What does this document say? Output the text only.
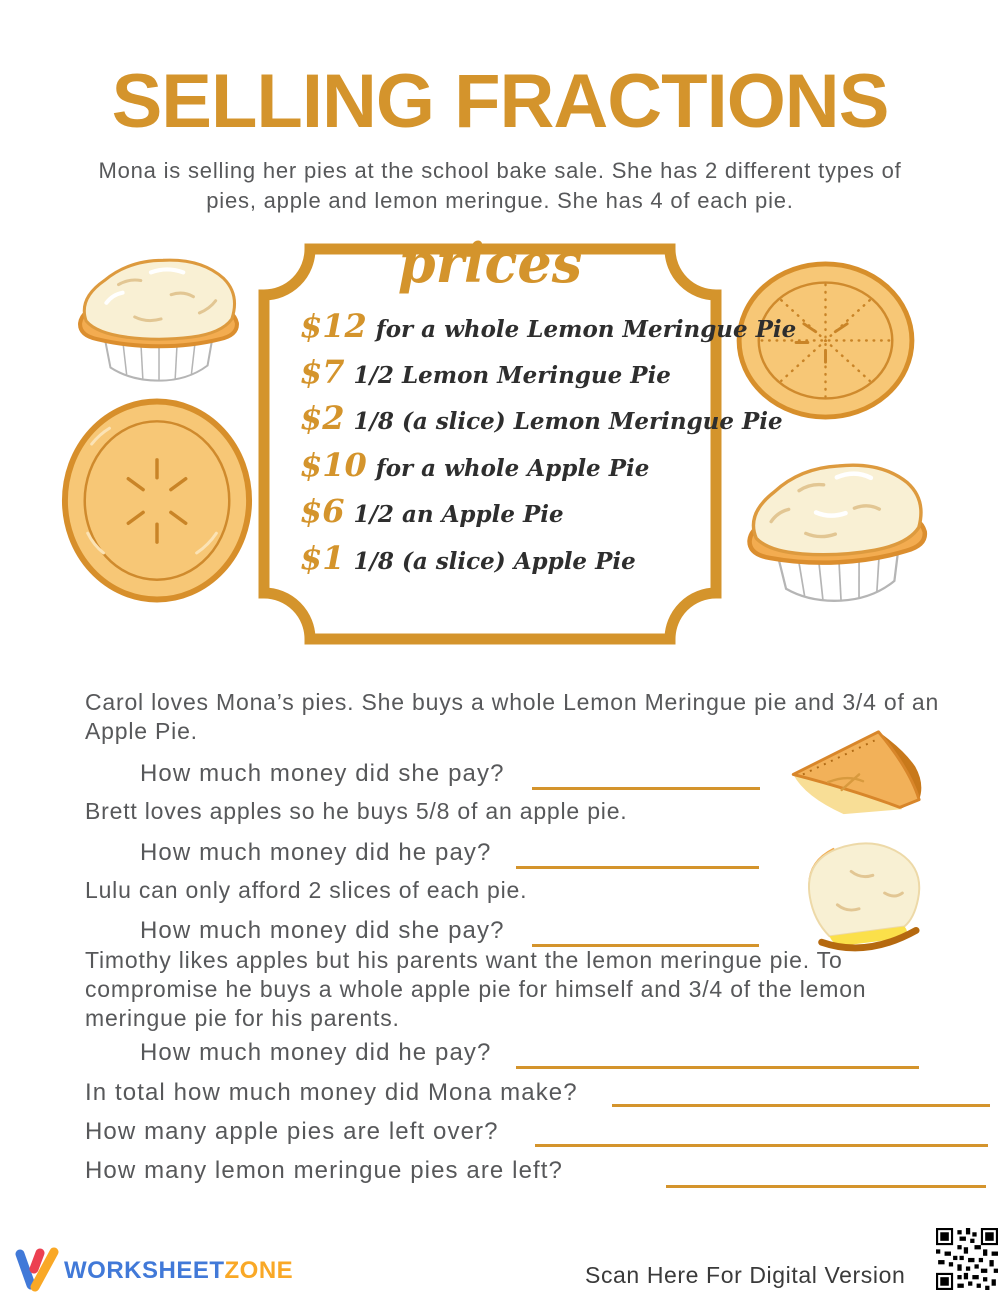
SELLING FRACTIONS

Mona is selling her pies at the school bake sale. She has 2 different types of pies, apple and lemon meringue. She has 4 of each pie.

prices
$12 for a whole Lemon Meringue Pie
$7 1/2 Lemon Meringue Pie
$2 1/8 (a slice) Lemon Meringue Pie
$10 for a whole Apple Pie
$6 1/2 an Apple Pie
$1 1/8 (a slice) Apple Pie

Carol loves Mona’s pies. She buys a whole Lemon Meringue pie and 3/4 of an Apple Pie.

How much money did she pay?

Brett loves apples so he buys 5/8 of an apple pie.

How much money did he pay?

Lulu can only afford 2 slices of each pie.

How much money did she pay?

Timothy likes apples but his parents want the lemon meringue pie. To compromise he buys a whole apple pie for himself and 3/4 of the lemon meringue pie for his parents.

How much money did he pay?

In total how much money did Mona make?

How many apple pies are left over?

How many lemon meringue pies are left?

WORKSHEETZONE	Scan Here For Digital Version
